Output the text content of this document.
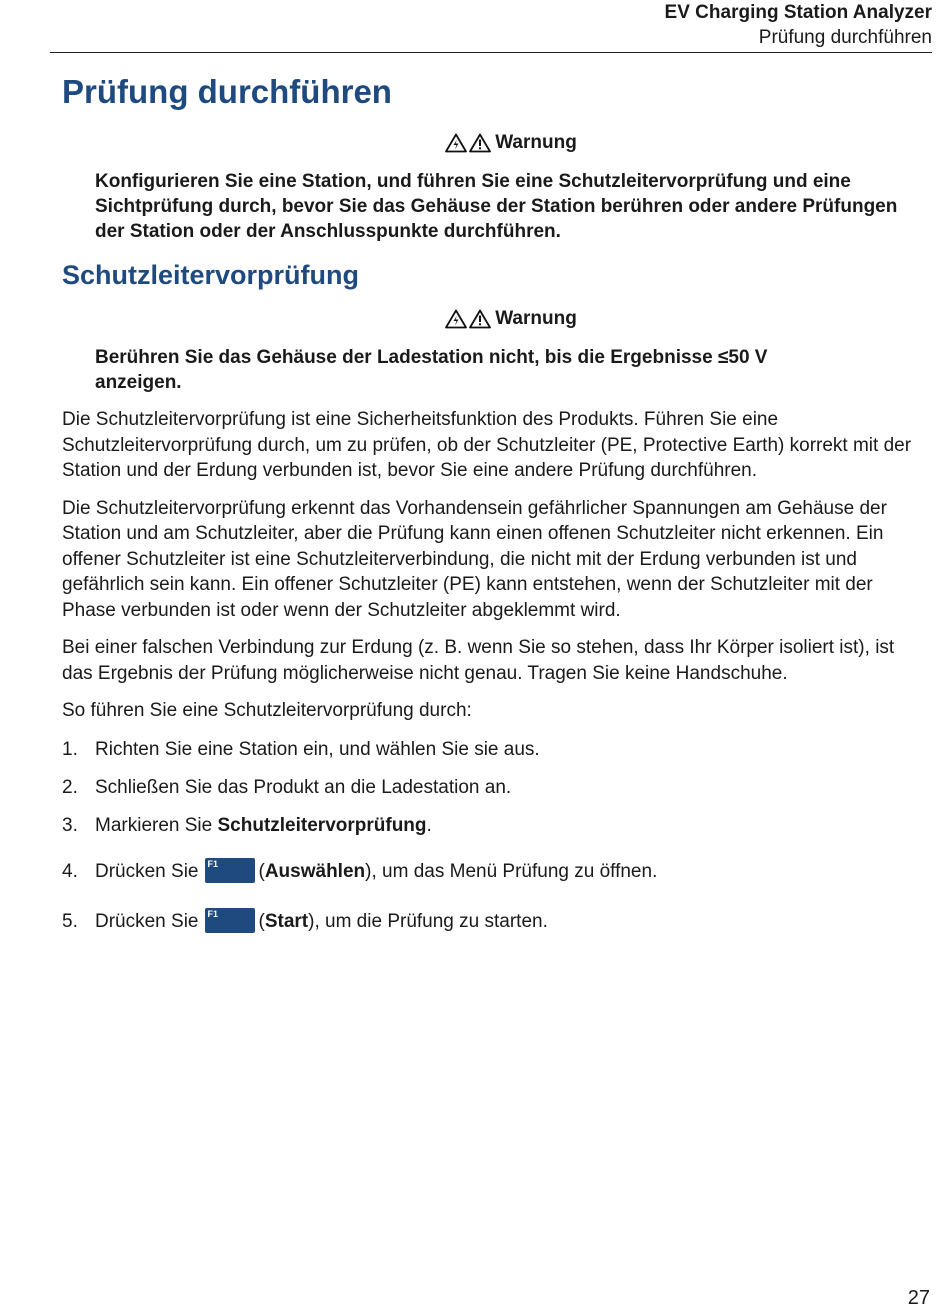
EV Charging Station Analyzer
Prüfung durchführen
Prüfung durchführen
Warnung
Konfigurieren Sie eine Station, und führen Sie eine Schutzleitervorprüfung und eine Sichtprüfung durch, bevor Sie das Gehäuse der Station berühren oder andere Prüfungen der Station oder der Anschlusspunkte durchführen.
Schutzleitervorprüfung
Warnung
Berühren Sie das Gehäuse der Ladestation nicht, bis die Ergebnisse ≤50 V anzeigen.

Die Schutzleitervorprüfung ist eine Sicherheitsfunktion des Produkts. Führen Sie eine Schutzleitervorprüfung durch, um zu prüfen, ob der Schutzleiter (PE, Protective Earth) korrekt mit der Station und der Erdung verbunden ist, bevor Sie eine andere Prüfung durchführen.

Die Schutzleitervorprüfung erkennt das Vorhandensein gefährlicher Spannungen am Gehäuse der Station und am Schutzleiter, aber die Prüfung kann einen offenen Schutzleiter nicht erkennen. Ein offener Schutzleiter ist eine Schutzleiterverbindung, die nicht mit der Erdung verbunden ist und gefährlich sein kann. Ein offener Schutzleiter (PE) kann entstehen, wenn der Schutzleiter mit der Phase verbunden ist oder wenn der Schutzleiter abgeklemmt wird.

Bei einer falschen Verbindung zur Erdung (z. B. wenn Sie so stehen, dass Ihr Körper isoliert ist), ist das Ergebnis der Prüfung möglicherweise nicht genau. Tragen Sie keine Handschuhe.

So führen Sie eine Schutzleitervorprüfung durch:

1. Richten Sie eine Station ein, und wählen Sie sie aus.
2. Schließen Sie das Produkt an die Ladestation an.
3. Markieren Sie Schutzleitervorprüfung.
4. Drücken Sie F1 (Auswählen), um das Menü Prüfung zu öffnen.
5. Drücken Sie F1 (Start), um die Prüfung zu starten.
27
